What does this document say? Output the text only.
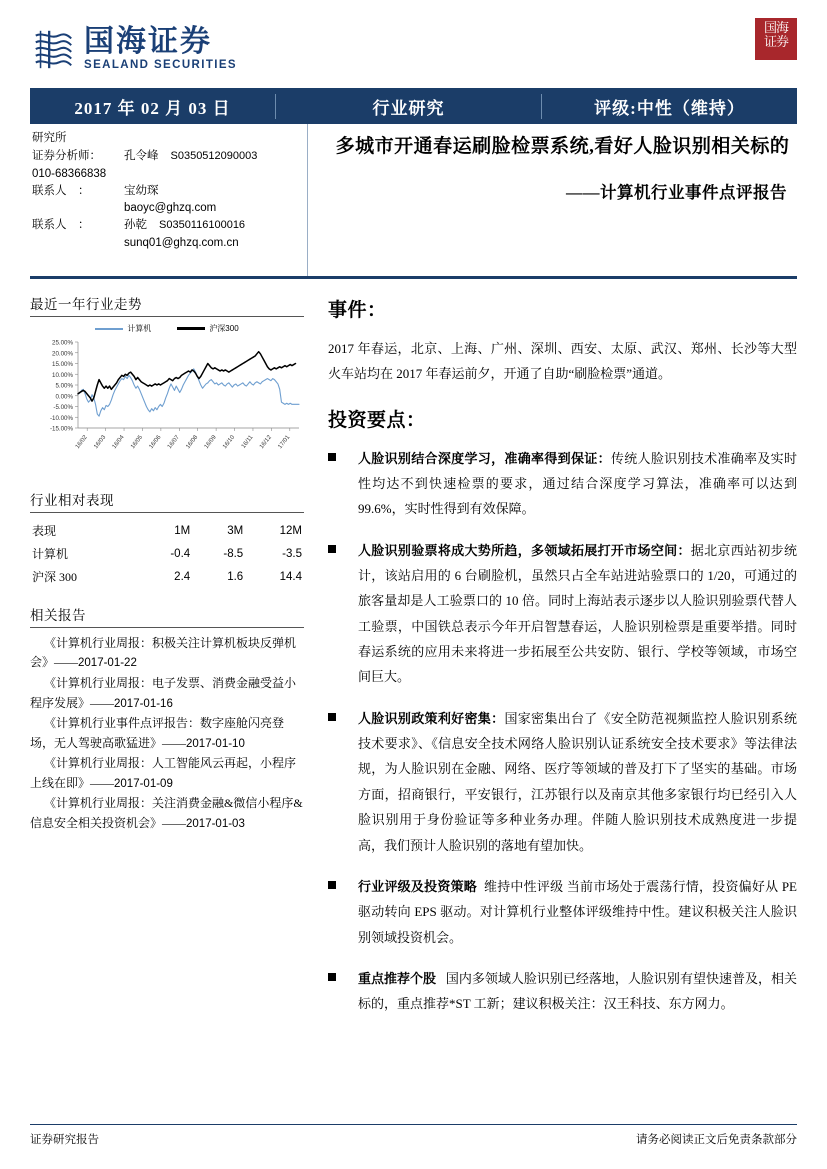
国海证券
SEALAND SECURITIES
国海
证券
2017 年 02 月 03 日	行业研究	评级:中性（维持）
研究所
证券分析师：	孔令峰 S0350512090003
010-68366838
联系人　：	宝幼琛
baoyc@ghzq.com
联系人　：	孙乾 S0350116100016
sunq01@ghzq.com.cn
多城市开通春运刷脸检票系统,看好人脸识别相关标的
——计算机行业事件点评报告
最近一年行业走势
计算机	沪深300
-15.00%
-10.00%
-5.00%
0.00%
5.00%
10.00%
15.00%
20.00%
25.00%
16/02 16/03 16/04 16/05 16/06 16/07 16/08 16/09 16/10 16/11 16/12 17/01
行业相对表现
表现	1M	3M	12M
计算机	-0.4	-8.5	-3.5
沪深 300	2.4	1.6	14.4
相关报告
《计算机行业周报：积极关注计算机板块反弹机会》——2017-01-22
《计算机行业周报：电子发票、消费金融受益小程序发展》——2017-01-16
《计算机行业事件点评报告：数字座舱闪亮登场，无人驾驶高歌猛进》——2017-01-10
《计算机行业周报：人工智能风云再起，小程序上线在即》——2017-01-09
《计算机行业周报：关注消费金融&微信小程序&信息安全相关投资机会》——2017-01-03
事件：
2017 年春运，北京、上海、广州、深圳、西安、太原、武汉、郑州、长沙等大型火车站均在 2017 年春运前夕，开通了自助“刷脸检票”通道。
投资要点：
人脸识别结合深度学习，准确率得到保证：传统人脸识别技术准确率及实时性均达不到快速检票的要求，通过结合深度学习算法，准确率可以达到 99.6%，实时性得到有效保障。
人脸识别验票将成大势所趋，多领域拓展打开市场空间：据北京西站初步统计，该站启用的 6 台刷脸机，虽然只占全车站进站验票口的 1/20，可通过的旅客量却是人工验票口的 10 倍。同时上海站表示逐步以人脸识别验票代替人工验票，中国铁总表示今年开启智慧春运，人脸识别检票是重要举措。同时春运系统的应用未来将进一步拓展至公共安防、银行、学校等领域，市场空间巨大。
人脸识别政策利好密集：国家密集出台了《安全防范视频监控人脸识别系统技术要求》、《信息安全技术网络人脸识别认证系统安全技术要求》等法律法规，为人脸识别在金融、网络、医疗等领域的普及打下了坚实的基础。市场方面，招商银行，平安银行，江苏银行以及南京其他多家银行均已经引入人脸识别用于身份验证等多种业务办理。伴随人脸识别技术成熟度进一步提高，我们预计人脸识别的落地有望加快。
行业评级及投资策略 维持中性评级 当前市场处于震荡行情，投资偏好从 PE 驱动转向 EPS 驱动。对计算机行业整体评级维持中性。建议积极关注人脸识别领域投资机会。
重点推荐个股 国内多领域人脸识别已经落地，人脸识别有望快速普及，相关标的，重点推荐*ST 工新；建议积极关注：汉王科技、东方网力。
证券研究报告	请务必阅读正文后免责条款部分
